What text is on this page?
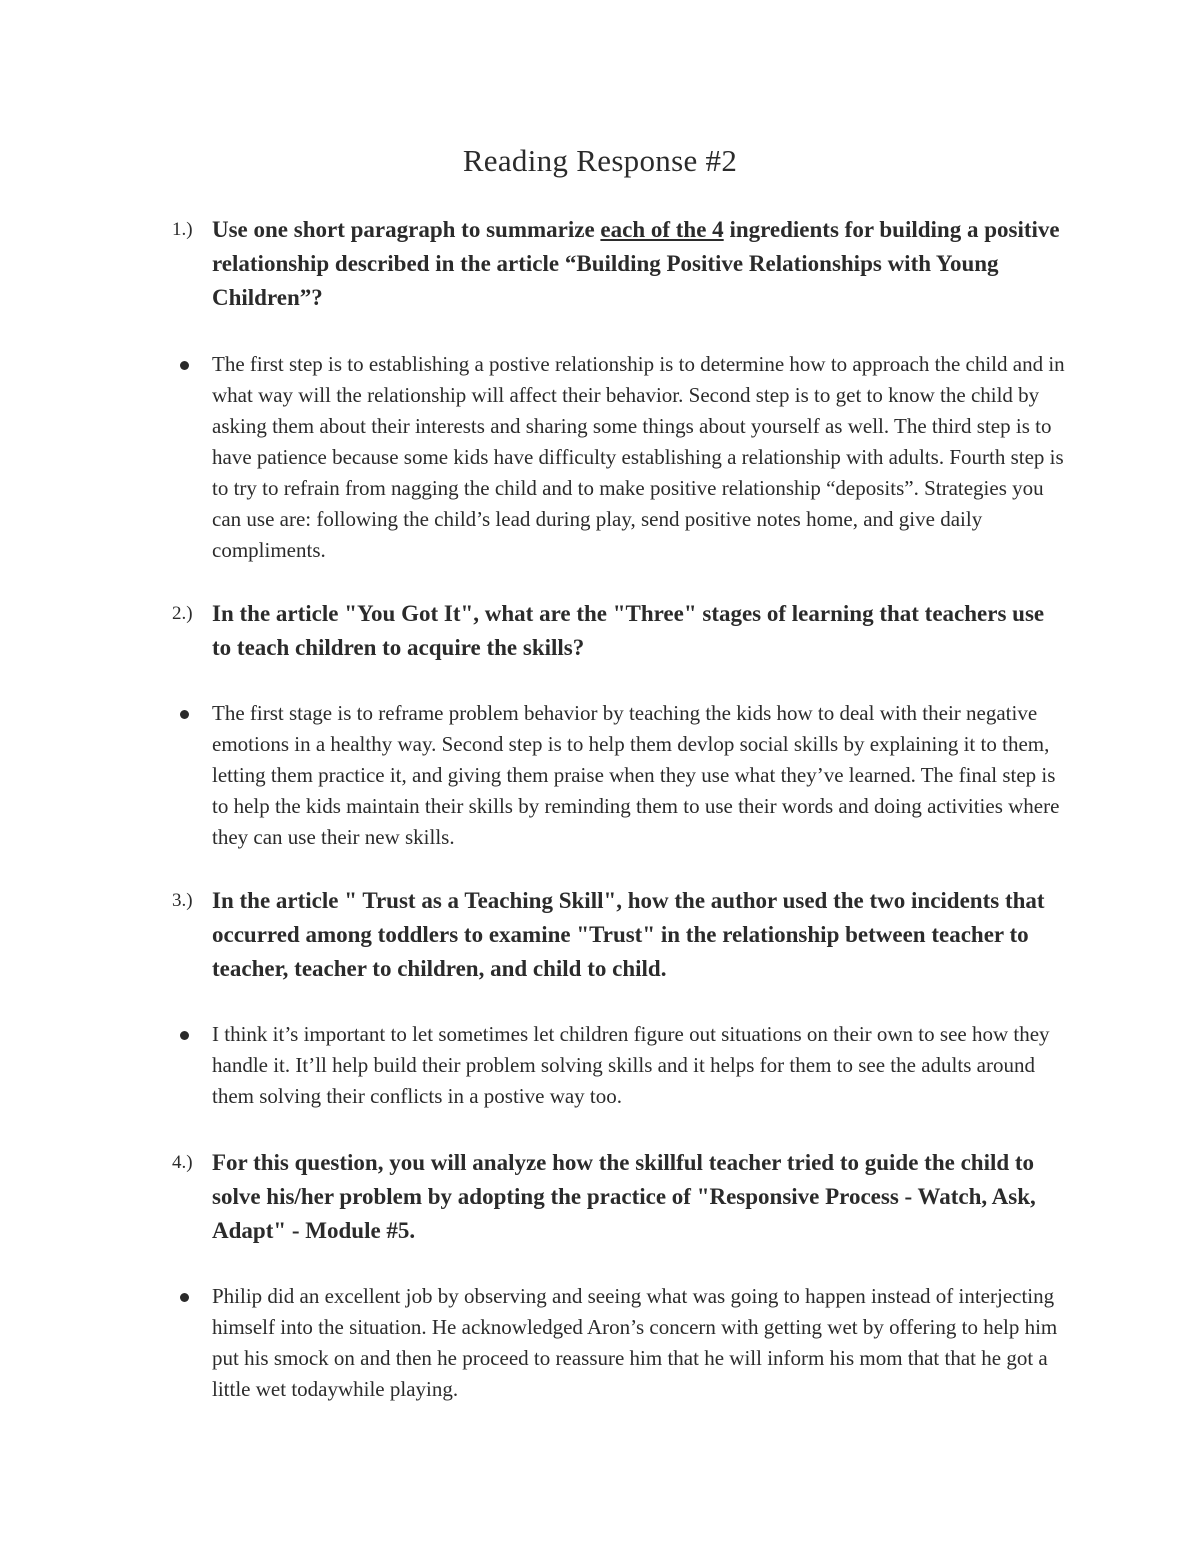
Reading Response #2
1.) Use one short paragraph to summarize each of the 4 ingredients for building a positive relationship described in the article “Building Positive Relationships with Young Children”?
The first step is to establishing a postive relationship is to determine how to approach the child and in what way will the relationship will affect their behavior. Second step is to get to know the child by asking them about their interests and sharing some things about yourself as well. The third step is to have patience because some kids have difficulty establishing a relationship with adults. Fourth step is to try to refrain from nagging the child and to make positive relationship “deposits”. Strategies you can use are: following the child’s lead during play, send positive notes home, and give daily compliments.
2.) In the article "You Got It", what are the "Three" stages of learning that teachers use to teach children to acquire the skills?
The first stage is to reframe problem behavior by teaching the kids how to deal with their negative emotions in a healthy way. Second step is to help them devlop social skills by explaining it to them, letting them practice it, and giving them praise when they use what they’ve learned. The final step is to help the kids maintain their skills by reminding them to use their words and doing activities where they can use their new skills.
3.) In the article " Trust as a Teaching Skill", how the author used the two incidents that occurred among toddlers to examine "Trust" in the relationship between teacher to teacher, teacher to children, and child to child.
I think it’s important to let sometimes let children figure out situations on their own to see how they handle it. It’ll help build their problem solving skills and it helps for them to see the adults around them solving their conflicts in a postive way too.
4.) For this question, you will analyze how the skillful teacher tried to guide the child to solve his/her problem by adopting the practice of "Responsive Process - Watch, Ask, Adapt" - Module #5.
Philip did an excellent job by observing and seeing what was going to happen instead of interjecting himself into the situation. He acknowledged Aron’s concern with getting wet by offering to help him put his smock on and then he proceed to reassure him that he will inform his mom that that he got a little wet todaywhile playing.
